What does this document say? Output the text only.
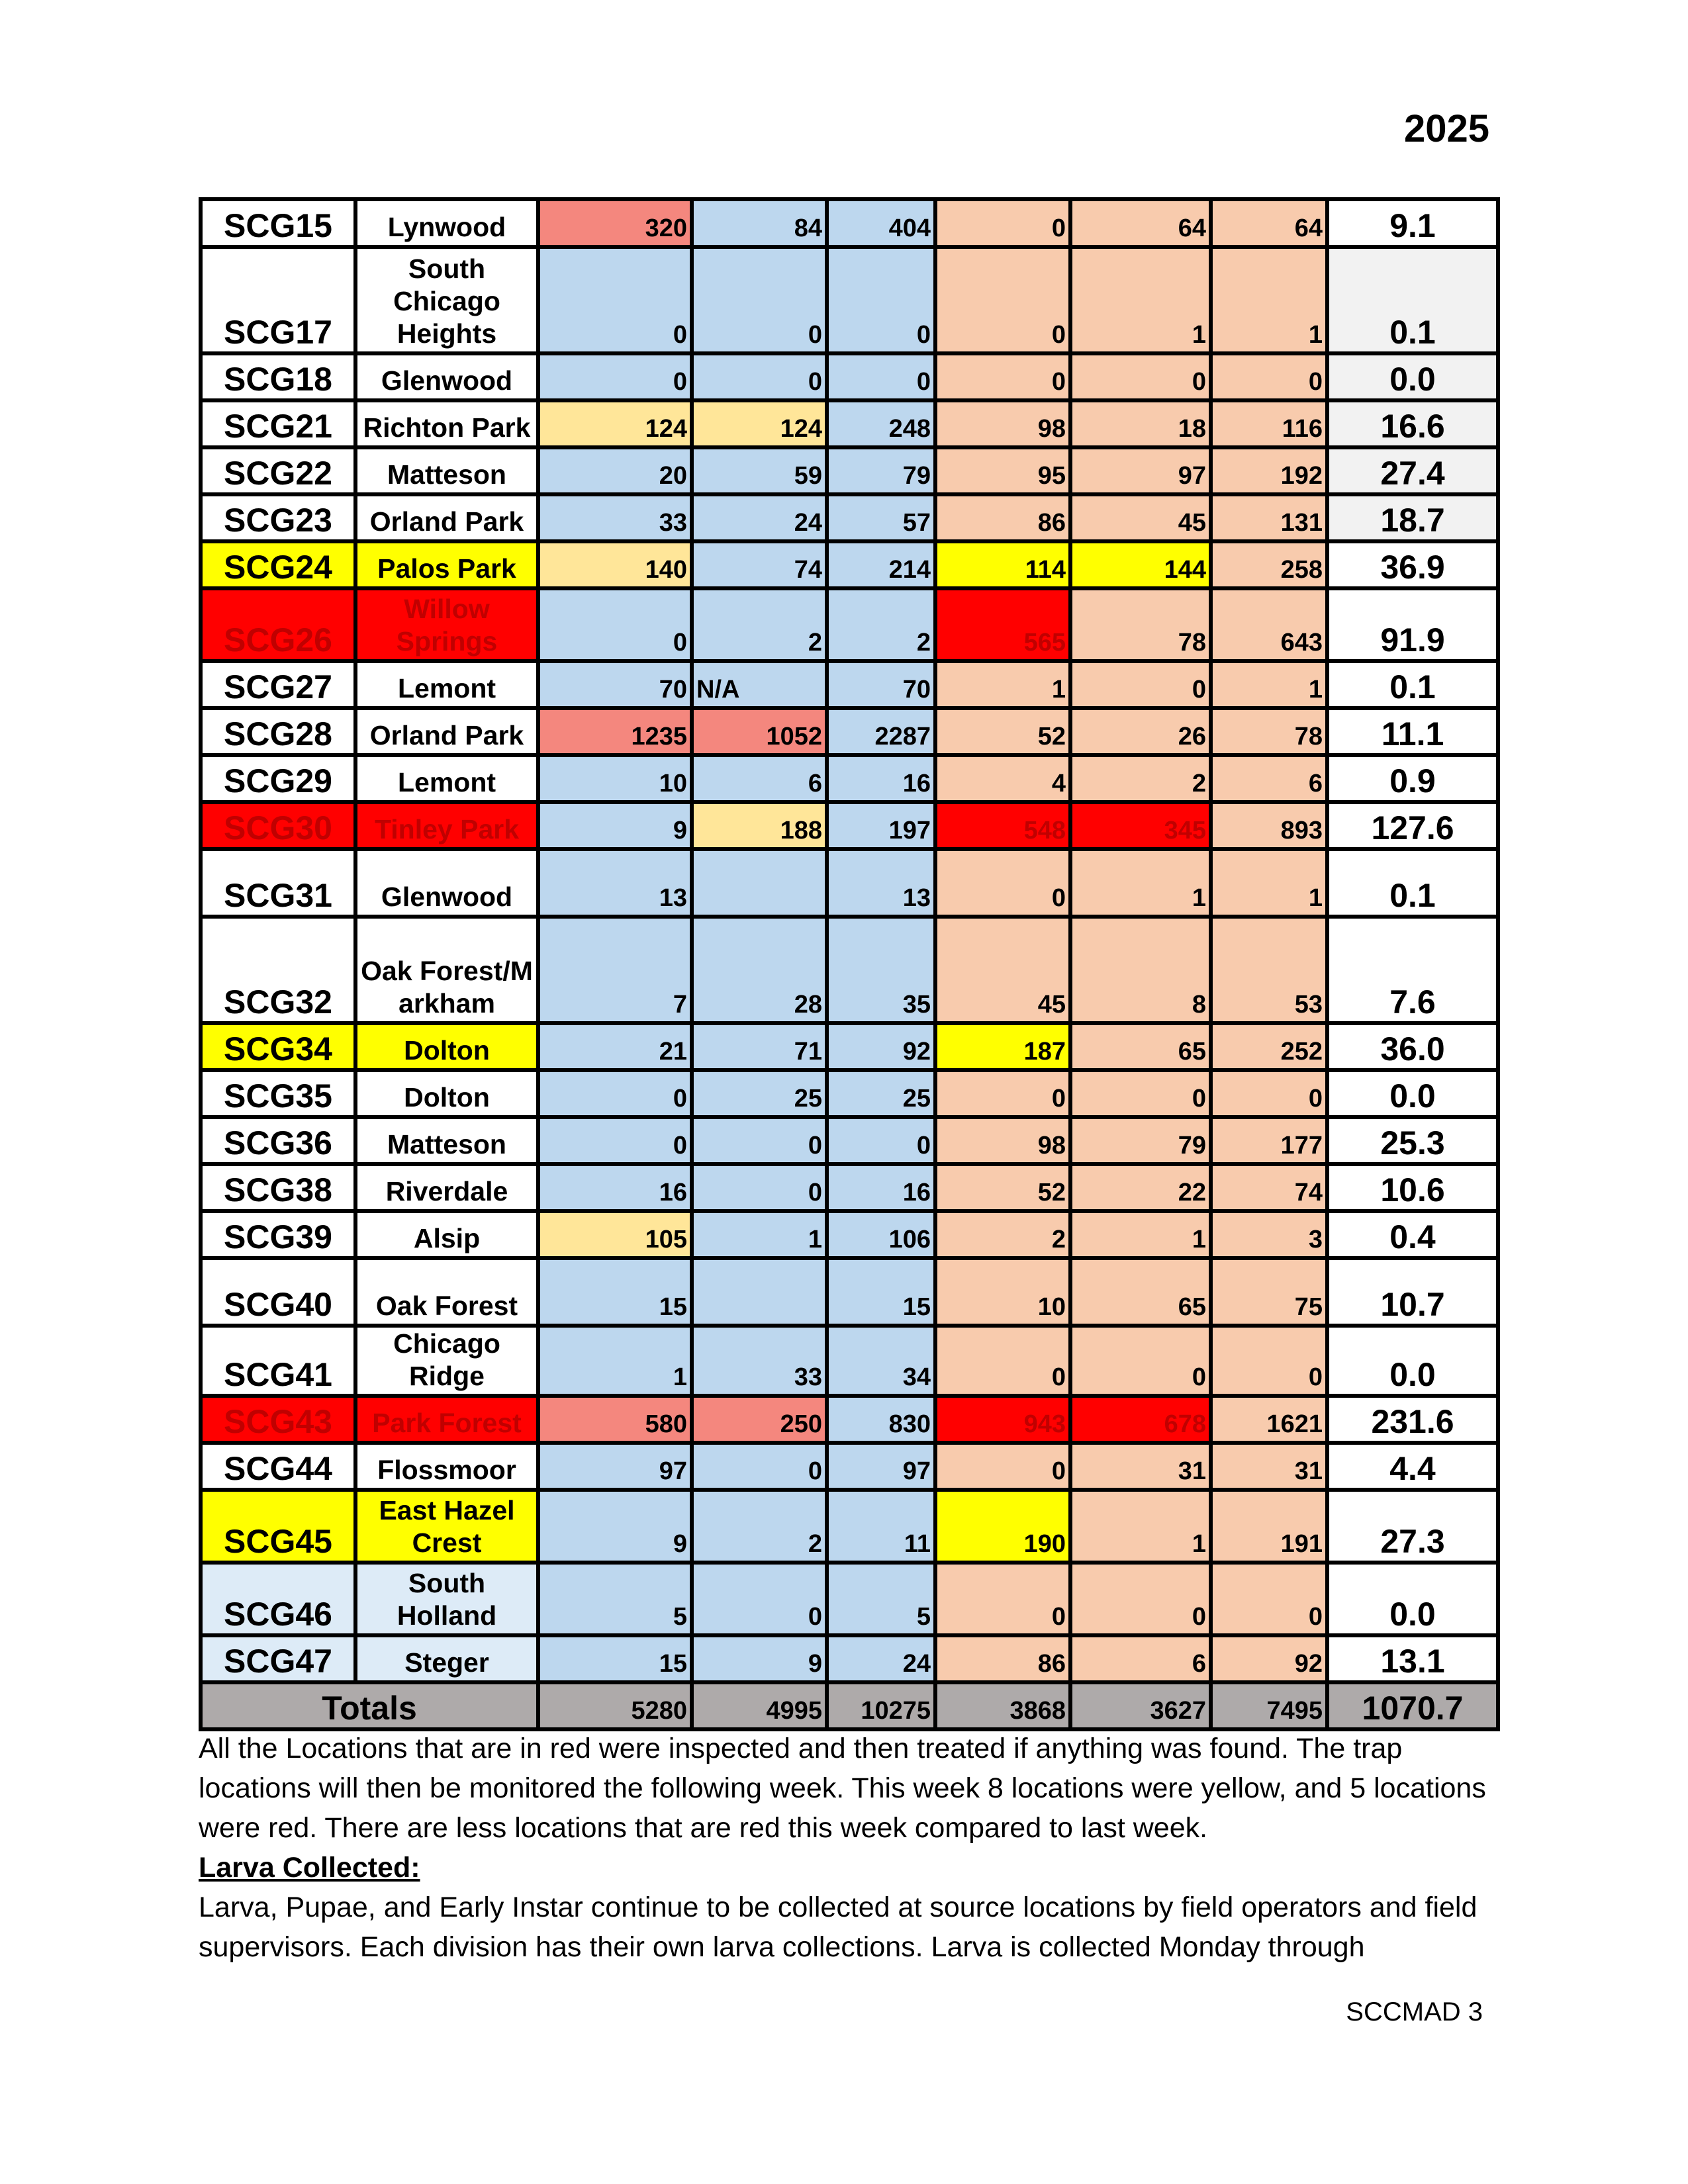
2025
SCG15	Lynwood	320	84	404	0	64	64	9.1
SCG17	South Chicago Heights	0	0	0	0	1	1	0.1
SCG18	Glenwood	0	0	0	0	0	0	0.0
SCG21	Richton Park	124	124	248	98	18	116	16.6
SCG22	Matteson	20	59	79	95	97	192	27.4
SCG23	Orland Park	33	24	57	86	45	131	18.7
SCG24	Palos Park	140	74	214	114	144	258	36.9
SCG26	Willow Springs	0	2	2	565	78	643	91.9
SCG27	Lemont	70	N/A	70	1	0	1	0.1
SCG28	Orland Park	1235	1052	2287	52	26	78	11.1
SCG29	Lemont	10	6	16	4	2	6	0.9
SCG30	Tinley Park	9	188	197	548	345	893	127.6
SCG31	Glenwood	13		13	0	1	1	0.1
SCG32	Oak Forest/Markham	7	28	35	45	8	53	7.6
SCG34	Dolton	21	71	92	187	65	252	36.0
SCG35	Dolton	0	25	25	0	0	0	0.0
SCG36	Matteson	0	0	0	98	79	177	25.3
SCG38	Riverdale	16	0	16	52	22	74	10.6
SCG39	Alsip	105	1	106	2	1	3	0.4
SCG40	Oak Forest	15		15	10	65	75	10.7
SCG41	Chicago Ridge	1	33	34	0	0	0	0.0
SCG43	Park Forest	580	250	830	943	678	1621	231.6
SCG44	Flossmoor	97	0	97	0	31	31	4.4
SCG45	East Hazel Crest	9	2	11	190	1	191	27.3
SCG46	South Holland	5	0	5	0	0	0	0.0
SCG47	Steger	15	9	24	86	6	92	13.1
Totals		5280	4995	10275	3868	3627	7495	1070.7

All the Locations that are in red were inspected and then treated if anything was found. The trap locations will then be monitored the following week. This week 8 locations were yellow, and 5 locations were red. There are less locations that are red this week compared to last week.

Larva Collected:

Larva, Pupae, and Early Instar continue to be collected at source locations by field operators and field supervisors. Each division has their own larva collections. Larva is collected Monday through

SCCMAD 3
